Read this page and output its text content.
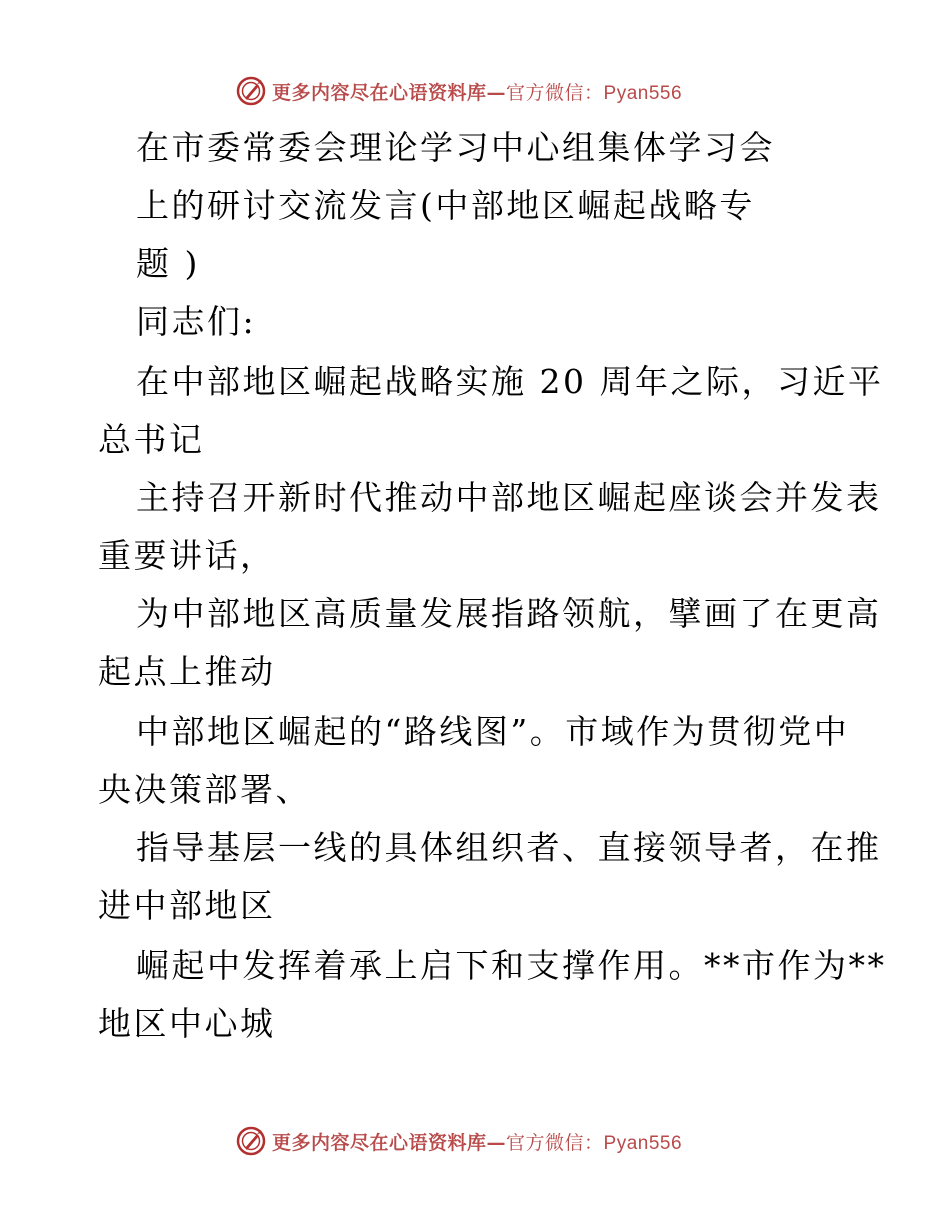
更多内容尽在心语资料库—官方微信：Pyan556
在市委常委会理论学习中心组集体学习会
上的研讨交流发言(中部地区崛起战略专
题 )
同志们:
在中部地区崛起战略实施 20 周年之际，习近平
总书记
主持召开新时代推动中部地区崛起座谈会并发表
重要讲话，
为中部地区高质量发展指路领航，擘画了在更高
起点上推动
中部地区崛起的“路线图”。市域作为贯彻党中
央决策部署、
指导基层一线的具体组织者、直接领导者，在推
进中部地区
崛起中发挥着承上启下和支撑作用。**市作为**
地区中心城
更多内容尽在心语资料库—官方微信：Pyan556
